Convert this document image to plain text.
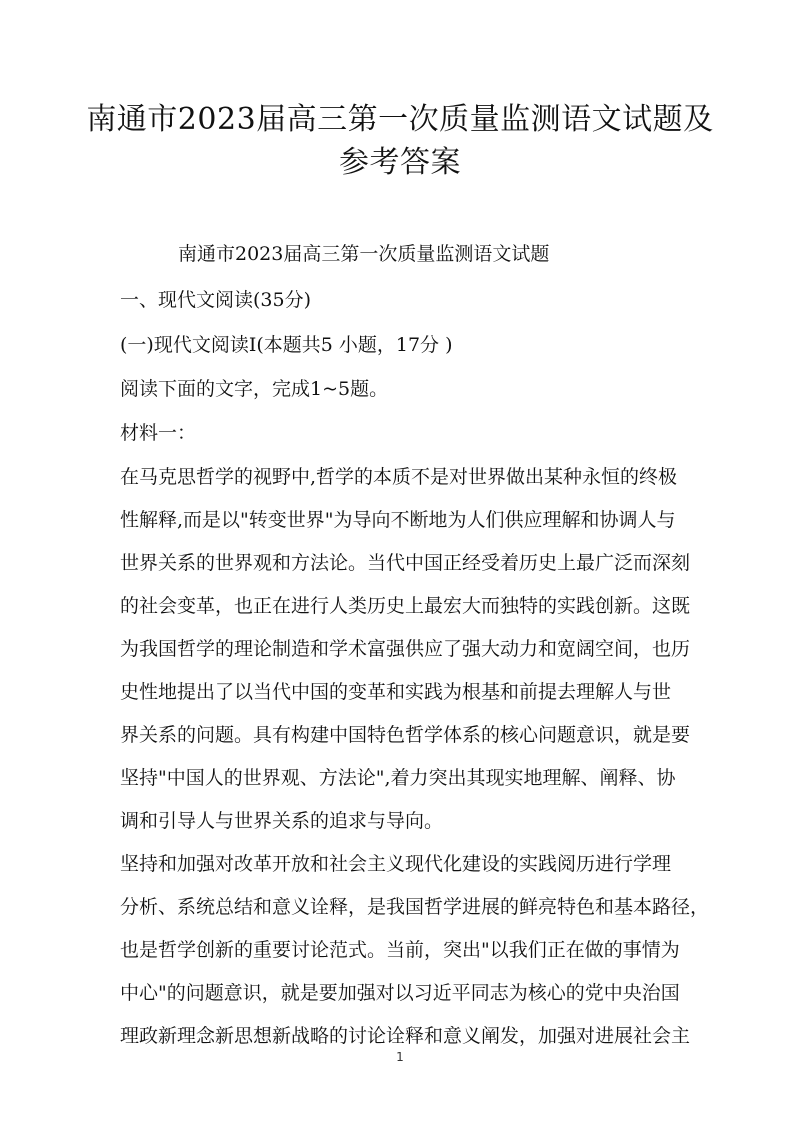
南通市2023届高三第一次质量监测语文试题及
参考答案

南通市2023届高三第一次质量监测语文试题

一、现代文阅读(35分)

(一)现代文阅读Ⅰ(本题共5 小题，17分 )

阅读下面的文字，完成1~5题。

材料一：

在马克思哲学的视野中,哲学的本质不是对世界做出某种永恒的终极

性解释,而是以"转变世界"为导向不断地为人们供应理解和协调人与

世界关系的世界观和方法论。当代中国正经受着历史上最广泛而深刻

的社会变革，也正在进行人类历史上最宏大而独特的实践创新。这既

为我国哲学的理论制造和学术富强供应了强大动力和宽阔空间，也历

史性地提出了以当代中国的变革和实践为根基和前提去理解人与世

界关系的问题。具有构建中国特色哲学体系的核心问题意识，就是要

坚持"中国人的世界观、方法论",着力突出其现实地理解、阐释、协

调和引导人与世界关系的追求与导向。

坚持和加强对改革开放和社会主义现代化建设的实践阅历进行学理

分析、系统总结和意义诠释，是我国哲学进展的鲜亮特色和基本路径，

也是哲学创新的重要讨论范式。当前，突出"以我们正在做的事情为

中心"的问题意识，就是要加强对以习近平同志为核心的党中央治国

理政新理念新思想新战略的讨论诠释和意义阐发，加强对进展社会主

1
